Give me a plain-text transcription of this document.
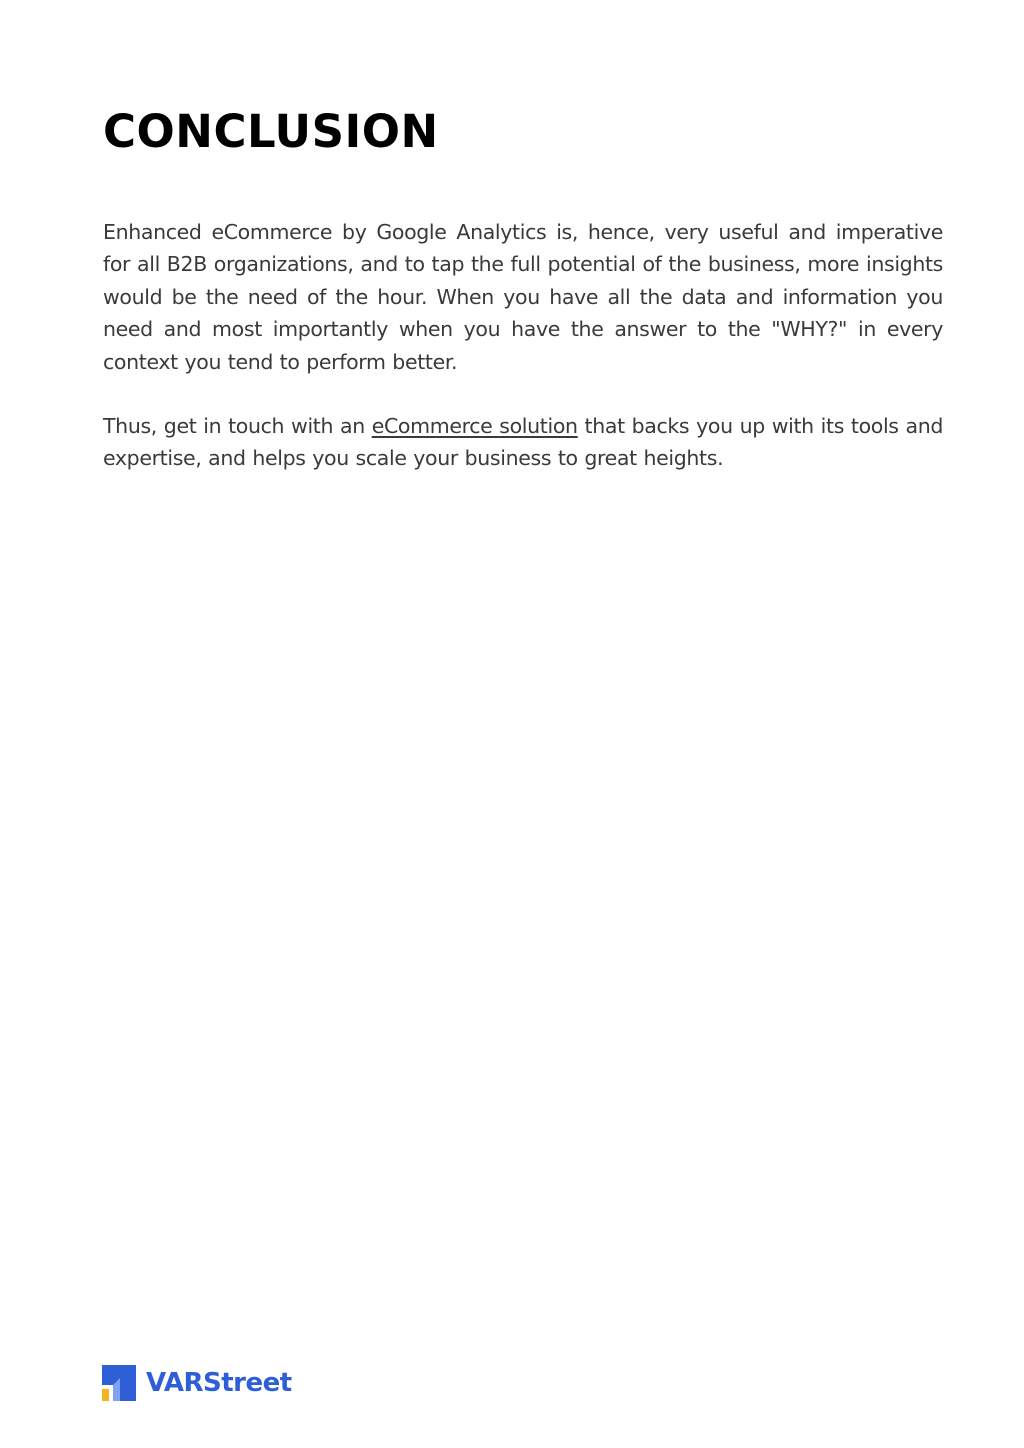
CONCLUSION

Enhanced eCommerce by Google Analytics is, hence, very useful and imperative for all B2B organizations, and to tap the full potential of the business, more insights would be the need of the hour. When you have all the data and information you need and most importantly when you have the answer to the "WHY?" in every context you tend to perform better.

Thus, get in touch with an eCommerce solution that backs you up with its tools and expertise, and helps you scale your business to great heights.

VARStreet
